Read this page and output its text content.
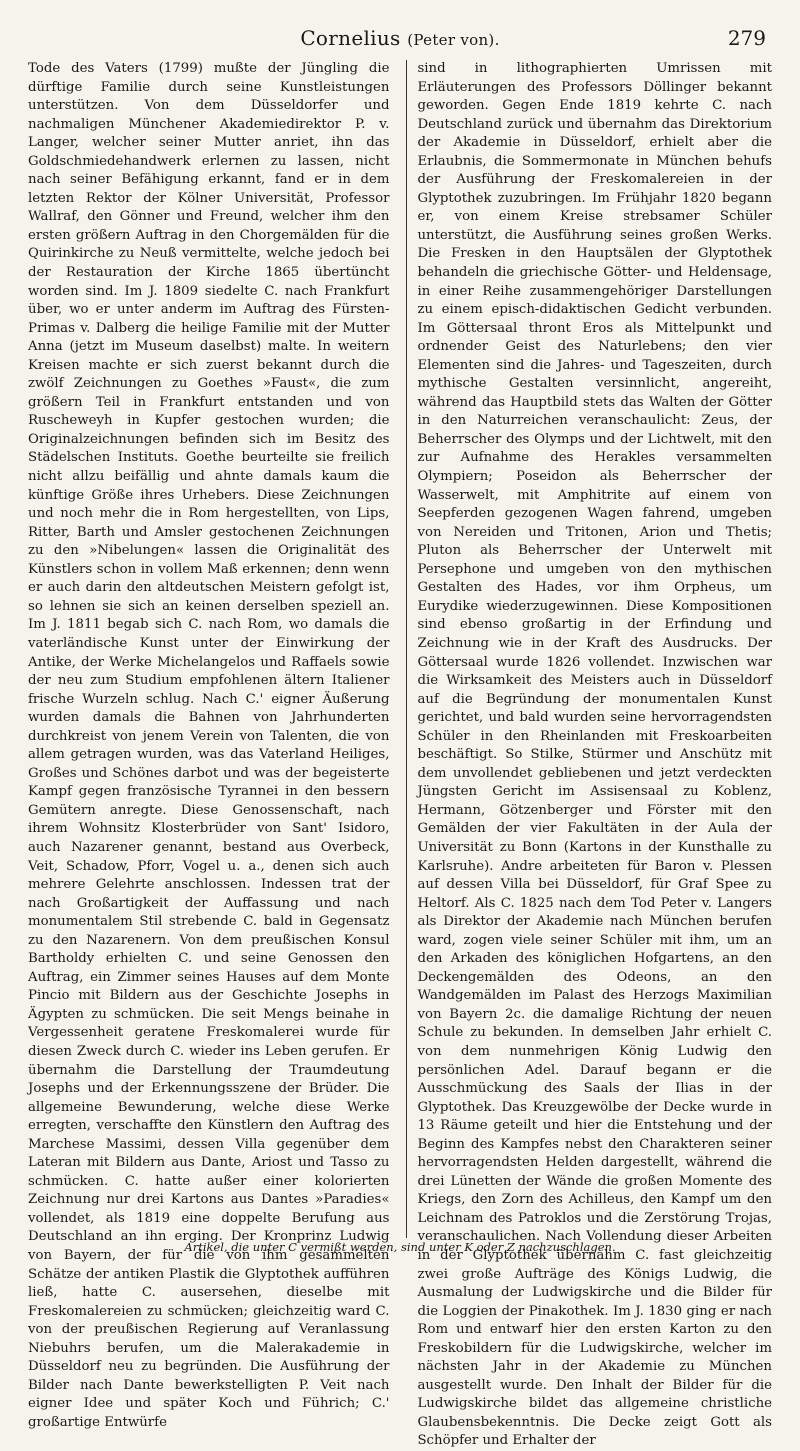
Cornelius (Peter von).	279

Tode des Vaters (1799) mußte der Jüngling die dürftige Familie durch seine Kunstleistungen unterstützen. Von dem Düsseldorfer und nachmaligen Münchener Akademiedirektor P. v. Langer, welcher seiner Mutter anriet, ihn das Goldschmiedehandwerk erlernen zu lassen, nicht nach seiner Befähigung erkannt, fand er in dem letzten Rektor der Kölner Universität, Professor Wallraf, den Gönner und Freund, welcher ihm den ersten größern Auftrag in den Chorgemälden für die Quirinkirche zu Neuß vermittelte, welche jedoch bei der Restauration der Kirche 1865 übertüncht worden sind. Im J. 1809 siedelte C. nach Frankfurt über, wo er unter anderm im Auftrag des Fürsten-Primas v. Dalberg die heilige Familie mit der Mutter Anna (jetzt im Museum daselbst) malte. In weitern Kreisen machte er sich zuerst bekannt durch die zwölf Zeichnungen zu Goethes »Faust«, die zum größern Teil in Frankfurt entstanden und von Ruscheweyh in Kupfer gestochen wurden; die Originalzeichnungen befinden sich im Besitz des Städelschen Instituts. Goethe beurteilte sie freilich nicht allzu beifällig und ahnte damals kaum die künftige Größe ihres Urhebers. Diese Zeichnungen und noch mehr die in Rom hergestellten, von Lips, Ritter, Barth und Amsler gestochenen Zeichnungen zu den »Nibelungen« lassen die Originalität des Künstlers schon in vollem Maß erkennen; denn wenn er auch darin den altdeutschen Meistern gefolgt ist, so lehnen sie sich an keinen derselben speziell an. Im J. 1811 begab sich C. nach Rom, wo damals die vaterländische Kunst unter der Einwirkung der Antike, der Werke Michelangelos und Raffaels sowie der neu zum Studium empfohlenen ältern Italiener frische Wurzeln schlug. Nach C.' eigner Äußerung wurden damals die Bahnen von Jahrhunderten durchkreist von jenem Verein von Talenten, die von allem getragen wurden, was das Vaterland Heiliges, Großes und Schönes darbot und was der begeisterte Kampf gegen französische Tyrannei in den bessern Gemütern anregte. Diese Genossenschaft, nach ihrem Wohnsitz Klosterbrüder von Sant' Isidoro, auch Nazarener genannt, bestand aus Overbeck, Veit, Schadow, Pforr, Vogel u. a., denen sich auch mehrere Gelehrte anschlossen. Indessen trat der nach Großartigkeit der Auffassung und nach monumentalem Stil strebende C. bald in Gegensatz zu den Nazarenern. Von dem preußischen Konsul Bartholdy erhielten C. und seine Genossen den Auftrag, ein Zimmer seines Hauses auf dem Monte Pincio mit Bildern aus der Geschichte Josephs in Ägypten zu schmücken. Die seit Mengs beinahe in Vergessenheit geratene Freskomalerei wurde für diesen Zweck durch C. wieder ins Leben gerufen. Er übernahm die Darstellung der Traumdeutung Josephs und der Erkennungsszene der Brüder. Die allgemeine Bewunderung, welche diese Werke erregten, verschaffte den Künstlern den Auftrag des Marchese Massimi, dessen Villa gegenüber dem Lateran mit Bildern aus Dante, Ariost und Tasso zu schmücken. C. hatte außer einer kolorierten Zeichnung nur drei Kartons aus Dantes »Paradies« vollendet, als 1819 eine doppelte Berufung aus Deutschland an ihn erging. Der Kronprinz Ludwig von Bayern, der für die von ihm gesammelten Schätze der antiken Plastik die Glyptothek aufführen ließ, hatte C. ausersehen, dieselbe mit Freskomalereien zu schmücken; gleichzeitig ward C. von der preußischen Regierung auf Veranlassung Niebuhrs berufen, um die Malerakademie in Düsseldorf neu zu begründen. Die Ausführung der Bilder nach Dante bewerkstelligten P. Veit nach eigner Idee und später Koch und Führich; C.' großartige Entwürfe

sind in lithographierten Umrissen mit Erläuterungen des Professors Döllinger bekannt geworden. Gegen Ende 1819 kehrte C. nach Deutschland zurück und übernahm das Direktorium der Akademie in Düsseldorf, erhielt aber die Erlaubnis, die Sommermonate in München behufs der Ausführung der Freskomalereien in der Glyptothek zuzubringen. Im Frühjahr 1820 begann er, von einem Kreise strebsamer Schüler unterstützt, die Ausführung seines großen Werks. Die Fresken in den Hauptsälen der Glyptothek behandeln die griechische Götter- und Heldensage, in einer Reihe zusammengehöriger Darstellungen zu einem episch-didaktischen Gedicht verbunden. Im Göttersaal thront Eros als Mittelpunkt und ordnender Geist des Naturlebens; den vier Elementen sind die Jahres- und Tageszeiten, durch mythische Gestalten versinnlicht, angereiht, während das Hauptbild stets das Walten der Götter in den Naturreichen veranschaulicht: Zeus, der Beherrscher des Olymps und der Lichtwelt, mit den zur Aufnahme des Herakles versammelten Olympiern; Poseidon als Beherrscher der Wasserwelt, mit Amphitrite auf einem von Seepferden gezogenen Wagen fahrend, umgeben von Nereiden und Tritonen, Arion und Thetis; Pluton als Beherrscher der Unterwelt mit Persephone und umgeben von den mythischen Gestalten des Hades, vor ihm Orpheus, um Eurydike wiederzugewinnen. Diese Kompositionen sind ebenso großartig in der Erfindung und Zeichnung wie in der Kraft des Ausdrucks. Der Göttersaal wurde 1826 vollendet. Inzwischen war die Wirksamkeit des Meisters auch in Düsseldorf auf die Begründung der monumentalen Kunst gerichtet, und bald wurden seine hervorragendsten Schüler in den Rheinlanden mit Freskoarbeiten beschäftigt. So Stilke, Stürmer und Anschütz mit dem unvollendet gebliebenen und jetzt verdeckten Jüngsten Gericht im Assisensaal zu Koblenz, Hermann, Götzenberger und Förster mit den Gemälden der vier Fakultäten in der Aula der Universität zu Bonn (Kartons in der Kunsthalle zu Karlsruhe). Andre arbeiteten für Baron v. Plessen auf dessen Villa bei Düsseldorf, für Graf Spee zu Heltorf. Als C. 1825 nach dem Tod Peter v. Langers als Direktor der Akademie nach München berufen ward, zogen viele seiner Schüler mit ihm, um an den Arkaden des königlichen Hofgartens, an den Deckengemälden des Odeons, an den Wandgemälden im Palast des Herzogs Maximilian von Bayern 2c. die damalige Richtung der neuen Schule zu bekunden. In demselben Jahr erhielt C. von dem nunmehrigen König Ludwig den persönlichen Adel. Darauf begann er die Ausschmückung des Saals der Ilias in der Glyptothek. Das Kreuzgewölbe der Decke wurde in 13 Räume geteilt und hier die Entstehung und der Beginn des Kampfes nebst den Charakteren seiner hervorragendsten Helden dargestellt, während die drei Lünetten der Wände die großen Momente des Kriegs, den Zorn des Achilleus, den Kampf um den Leichnam des Patroklos und die Zerstörung Trojas, veranschaulichen. Nach Vollendung dieser Arbeiten in der Glyptothek übernahm C. fast gleichzeitig zwei große Aufträge des Königs Ludwig, die Ausmalung der Ludwigskirche und die Bilder für die Loggien der Pinakothek. Im J. 1830 ging er nach Rom und entwarf hier den ersten Karton zu den Freskobildern für die Ludwigskirche, welcher im nächsten Jahr in der Akademie zu München ausgestellt wurde. Den Inhalt der Bilder für die Ludwigskirche bildet das allgemeine christliche Glaubensbekenntnis. Die Decke zeigt Gott als Schöpfer und Erhalter der

Artikel, die unter C vermißt werden, sind unter K oder Z nachzuschlagen.
